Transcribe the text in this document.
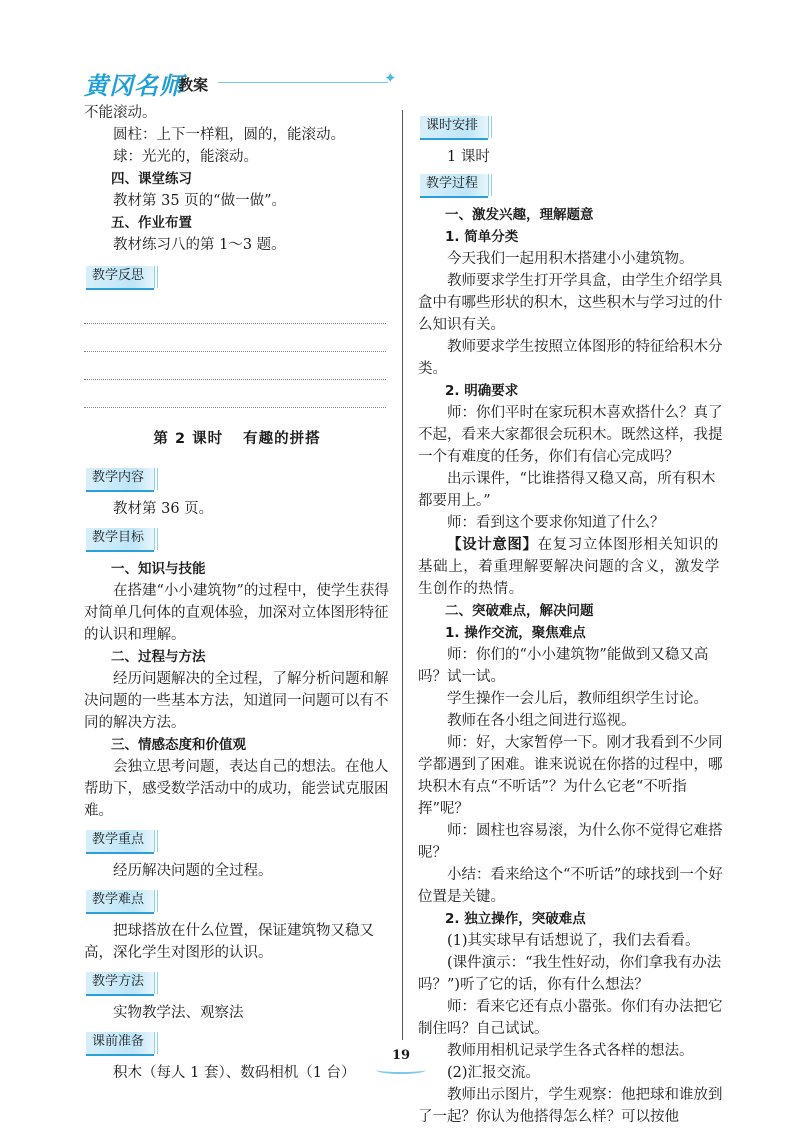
黄冈名师
教案	✦

不能滚动。

圆柱：上下一样粗，圆的，能滚动。

球：光光的，能滚动。

四、课堂练习

教材第 35 页的“做一做”。

五、作业布置

教材练习八的第 1～3 题。

教学反思
第 2 课时 有趣的拼搭
教学内容

教材第 36 页。

教学目标

一、知识与技能

在搭建“小小建筑物”的过程中，使学生获得对简单几何体的直观体验，加深对立体图形特征的认识和理解。

二、过程与方法

经历问题解决的全过程，了解分析问题和解决问题的一些基本方法，知道同一问题可以有不同的解决方法。

三、情感态度和价值观

会独立思考问题，表达自己的想法。在他人帮助下，感受数学活动中的成功，能尝试克服困难。

教学重点

经历解决问题的全过程。

教学难点

把球搭放在什么位置，保证建筑物又稳又高，深化学生对图形的认识。

教学方法

实物教学法、观察法

课前准备

积木（每人 1 套）、数码相机（1 台）

课时安排

1 课时

教学过程

一、激发兴趣，理解题意

1. 简单分类

今天我们一起用积木搭建小小建筑物。

教师要求学生打开学具盒，由学生介绍学具盒中有哪些形状的积木，这些积木与学习过的什么知识有关。

教师要求学生按照立体图形的特征给积木分类。

2. 明确要求

师：你们平时在家玩积木喜欢搭什么？真了不起，看来大家都很会玩积木。既然这样，我提一个有难度的任务，你们有信心完成吗？

出示课件，“比谁搭得又稳又高，所有积木都要用上。”

师：看到这个要求你知道了什么？

【设计意图】在复习立体图形相关知识的基础上，着重理解要解决问题的含义，激发学生创作的热情。

二、突破难点，解决问题

1. 操作交流，聚焦难点

师：你们的“小小建筑物”能做到又稳又高吗？试一试。

学生操作一会儿后，教师组织学生讨论。

教师在各小组之间进行巡视。

师：好，大家暂停一下。刚才我看到不少同学都遇到了困难。谁来说说在你搭的过程中，哪块积木有点“不听话”？为什么它老“不听指挥”呢？

师：圆柱也容易滚，为什么你不觉得它难搭呢？

小结：看来给这个“不听话”的球找到一个好位置是关键。

2. 独立操作，突破难点

(1)其实球早有话想说了，我们去看看。

(课件演示：“我生性好动，你们拿我有办法吗？”)听了它的话，你有什么想法？

师：看来它还有点小嚣张。你们有办法把它制住吗？自己试试。

教师用相机记录学生各式各样的想法。

(2)汇报交流。

教师出示图片，学生观察：他把球和谁放到了一起？你认为他搭得怎么样？可以按他

19
